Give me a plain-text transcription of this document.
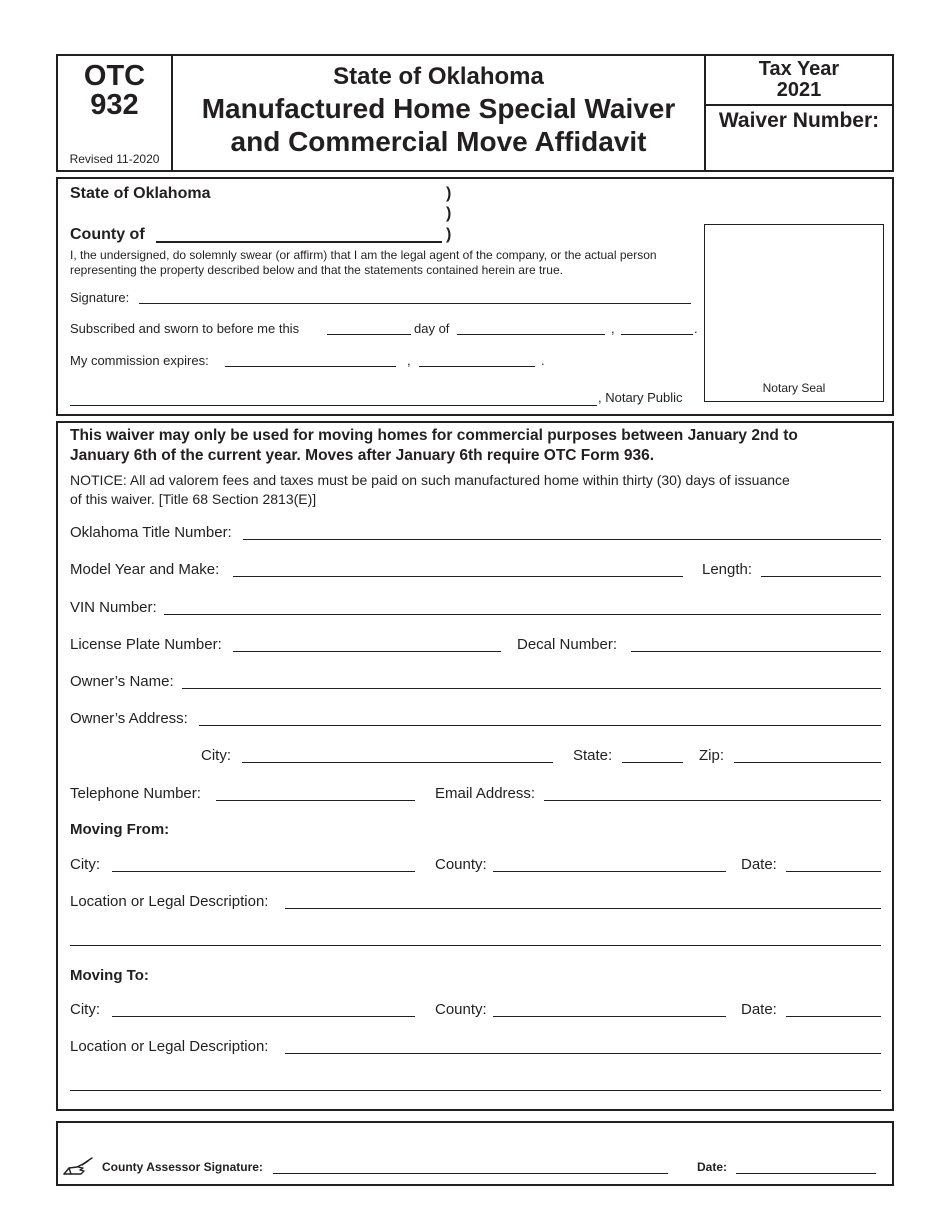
OTC
932
Revised 11-2020
State of Oklahoma
Manufactured Home Special Waiver
and Commercial Move Affidavit
Tax Year
2021
Waiver Number:
State of Oklahoma	)
)
County of	)
I, the undersigned, do solemnly swear (or affirm) that I am the legal agent of the company, or the actual person
representing the property described below and that the statements contained herein are true.
Signature:
Subscribed and sworn to before me this	day of	,	.
My commission expires:	,	.
, Notary Public
Notary Seal
This waiver may only be used for moving homes for commercial purposes between January 2nd to
January 6th of the current year. Moves after January 6th require OTC Form 936.
NOTICE: All ad valorem fees and taxes must be paid on such manufactured home within thirty (30) days of issuance
of this waiver. [Title 68 Section 2813(E)]
Oklahoma Title Number:
Model Year and Make:	Length:
VIN Number:
License Plate Number:	Decal Number:
Owner’s Name:
Owner’s Address:
City:	State:	Zip:
Telephone Number:	Email Address:
Moving From:
City:	County:	Date:
Location or Legal Description:
Moving To:
City:	County:	Date:
Location or Legal Description:
County Assessor Signature:	Date:
